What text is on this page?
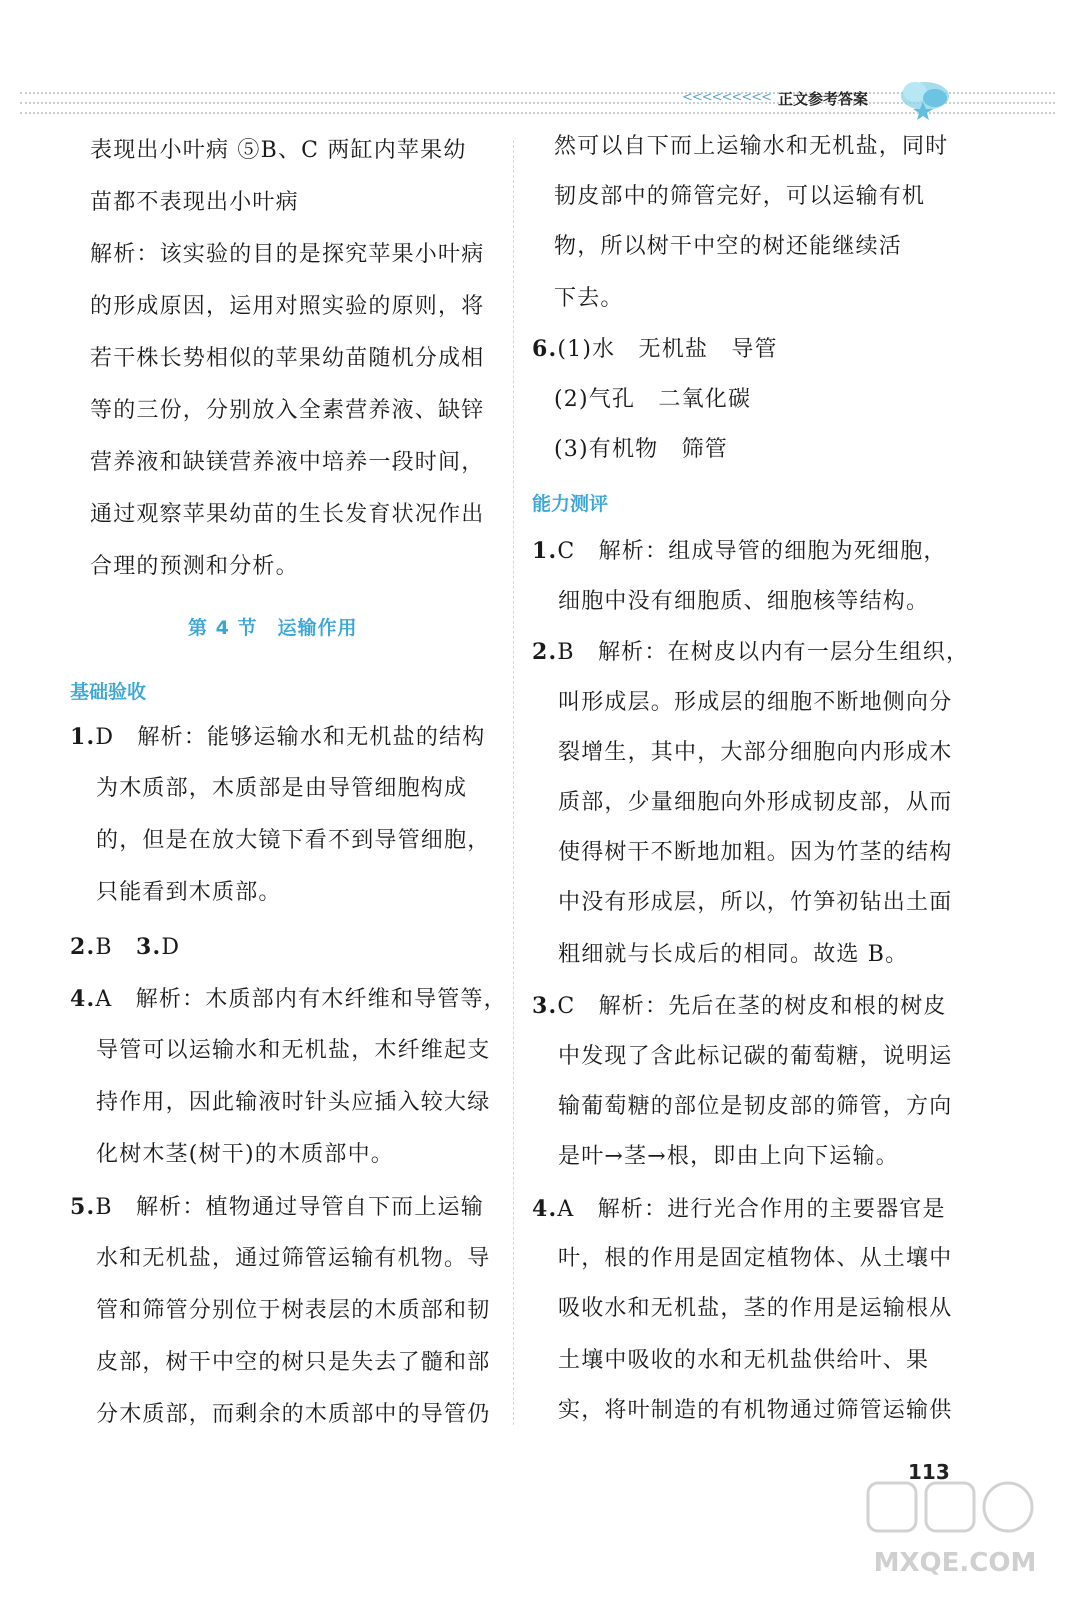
<<<<<<<<< 正文参考答案
表现出小叶病 ⑤B、C 两缸内苹果幼
苗都不表现出小叶病
解析：该实验的目的是探究苹果小叶病
的形成原因，运用对照实验的原则，将
若干株长势相似的苹果幼苗随机分成相
等的三份，分别放入全素营养液、缺锌
营养液和缺镁营养液中培养一段时间，
通过观察苹果幼苗的生长发育状况作出
合理的预测和分析。
第 4 节　运输作用
基础验收
1.D　解析：能够运输水和无机盐的结构
为木质部，木质部是由导管细胞构成
的，但是在放大镜下看不到导管细胞，
只能看到木质部。
2.B　3.D
4.A　解析：木质部内有木纤维和导管等，
导管可以运输水和无机盐，木纤维起支
持作用，因此输液时针头应插入较大绿
化树木茎(树干)的木质部中。
5.B　解析：植物通过导管自下而上运输
水和无机盐，通过筛管运输有机物。导
管和筛管分别位于树表层的木质部和韧
皮部，树干中空的树只是失去了髓和部
分木质部，而剩余的木质部中的导管仍
然可以自下而上运输水和无机盐，同时
韧皮部中的筛管完好，可以运输有机
物，所以树干中空的树还能继续活
下去。
6.(1)水　无机盐　导管
(2)气孔　二氧化碳
(3)有机物　筛管
能力测评
1.C　解析：组成导管的细胞为死细胞，
细胞中没有细胞质、细胞核等结构。
2.B　解析：在树皮以内有一层分生组织，
叫形成层。形成层的细胞不断地侧向分
裂增生，其中，大部分细胞向内形成木
质部，少量细胞向外形成韧皮部，从而
使得树干不断地加粗。因为竹茎的结构
中没有形成层，所以，竹笋初钻出土面
粗细就与长成后的相同。故选 B。
3.C　解析：先后在茎的树皮和根的树皮
中发现了含此标记碳的葡萄糖，说明运
输葡萄糖的部位是韧皮部的筛管，方向
是叶→茎→根，即由上向下运输。
4.A　解析：进行光合作用的主要器官是
叶，根的作用是固定植物体、从土壤中
吸收水和无机盐，茎的作用是运输根从
土壤中吸收的水和无机盐供给叶、果
实，将叶制造的有机物通过筛管运输供
113
MXQE.COM
